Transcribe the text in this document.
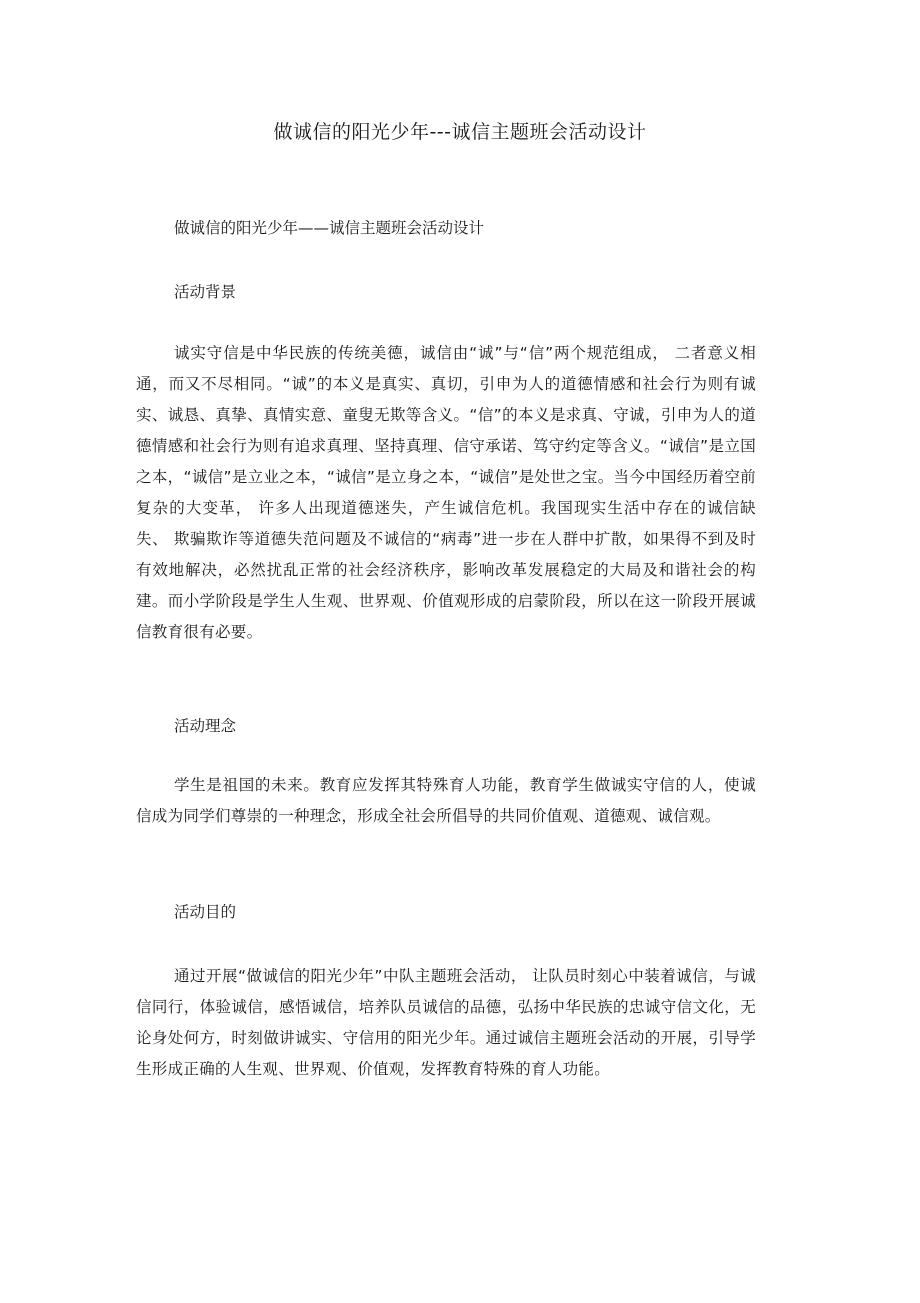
做诚信的阳光少年---诚信主题班会活动设计
做诚信的阳光少年——诚信主题班会活动设计
活动背景
诚实守信是中华民族的传统美德，诚信由“诚”与“信”两个规范组成， 二者意义相通，而又不尽相同。“诚”的本义是真实、真切，引申为人的道德情感和社会行为则有诚实、诚恳、真挚、真情实意、童叟无欺等含义。“信”的本义是求真、守诚，引申为人的道德情感和社会行为则有追求真理、坚持真理、信守承诺、笃守约定等含义。“诚信”是立国之本，“诚信”是立业之本，“诚信”是立身之本，“诚信”是处世之宝。当今中国经历着空前复杂的大变革， 许多人出现道德迷失，产生诚信危机。我国现实生活中存在的诚信缺失、 欺骗欺诈等道德失范问题及不诚信的“病毒”进一步在人群中扩散，如果得不到及时有效地解决，必然扰乱正常的社会经济秩序，影响改革发展稳定的大局及和谐社会的构建。而小学阶段是学生人生观、世界观、价值观形成的启蒙阶段，所以在这一阶段开展诚信教育很有必要。
活动理念
学生是祖国的未来。教育应发挥其特殊育人功能，教育学生做诚实守信的人，使诚信成为同学们尊崇的一种理念，形成全社会所倡导的共同价值观、道德观、诚信观。
活动目的
通过开展“做诚信的阳光少年”中队主题班会活动， 让队员时刻心中装着诚信，与诚信同行，体验诚信，感悟诚信，培养队员诚信的品德，弘扬中华民族的忠诚守信文化，无论身处何方，时刻做讲诚实、守信用的阳光少年。通过诚信主题班会活动的开展，引导学生形成正确的人生观、世界观、价值观，发挥教育特殊的育人功能。
